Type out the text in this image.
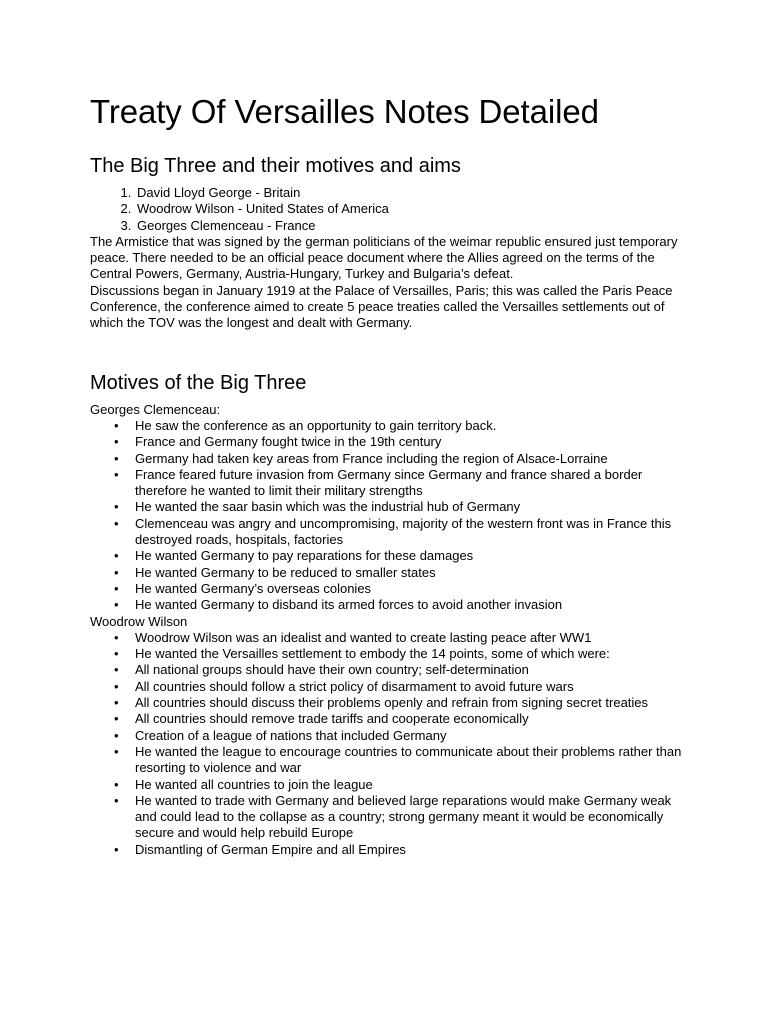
Treaty Of Versailles Notes Detailed
The Big Three and their motives and aims
1. David Lloyd George - Britain
2. Woodrow Wilson - United States of America
3. Georges Clemenceau - France

The Armistice that was signed by the german politicians of the weimar republic ensured just temporary peace. There needed to be an official peace document where the Allies agreed on the terms of the Central Powers, Germany, Austria-Hungary, Turkey and Bulgaria’s defeat.

Discussions began in January 1919 at the Palace of Versailles, Paris; this was called the Paris Peace Conference, the conference aimed to create 5 peace treaties called the Versailles settlements out of which the TOV was the longest and dealt with Germany.

Motives of the Big Three
Georges Clemenceau:
• He saw the conference as an opportunity to gain territory back.
• France and Germany fought twice in the 19th century
• Germany had taken key areas from France including the region of Alsace-Lorraine
• France feared future invasion from Germany since Germany and france shared a border therefore he wanted to limit their military strengths
• He wanted the saar basin which was the industrial hub of Germany
• Clemenceau was angry and uncompromising, majority of the western front was in France this destroyed roads, hospitals, factories
• He wanted Germany to pay reparations for these damages
• He wanted Germany to be reduced to smaller states
• He wanted Germany’s overseas colonies
• He wanted Germany to disband its armed forces to avoid another invasion
Woodrow Wilson
• Woodrow Wilson was an idealist and wanted to create lasting peace after WW1
• He wanted the Versailles settlement to embody the 14 points, some of which were:
• All national groups should have their own country; self-determination
• All countries should follow a strict policy of disarmament to avoid future wars
• All countries should discuss their problems openly and refrain from signing secret treaties
• All countries should remove trade tariffs and cooperate economically
• Creation of a league of nations that included Germany
• He wanted the league to encourage countries to communicate about their problems rather than resorting to violence and war
• He wanted all countries to join the league
• He wanted to trade with Germany and believed large reparations would make Germany weak and could lead to the collapse as a country; strong germany meant it would be economically secure and would help rebuild Europe
• Dismantling of German Empire and all Empires
